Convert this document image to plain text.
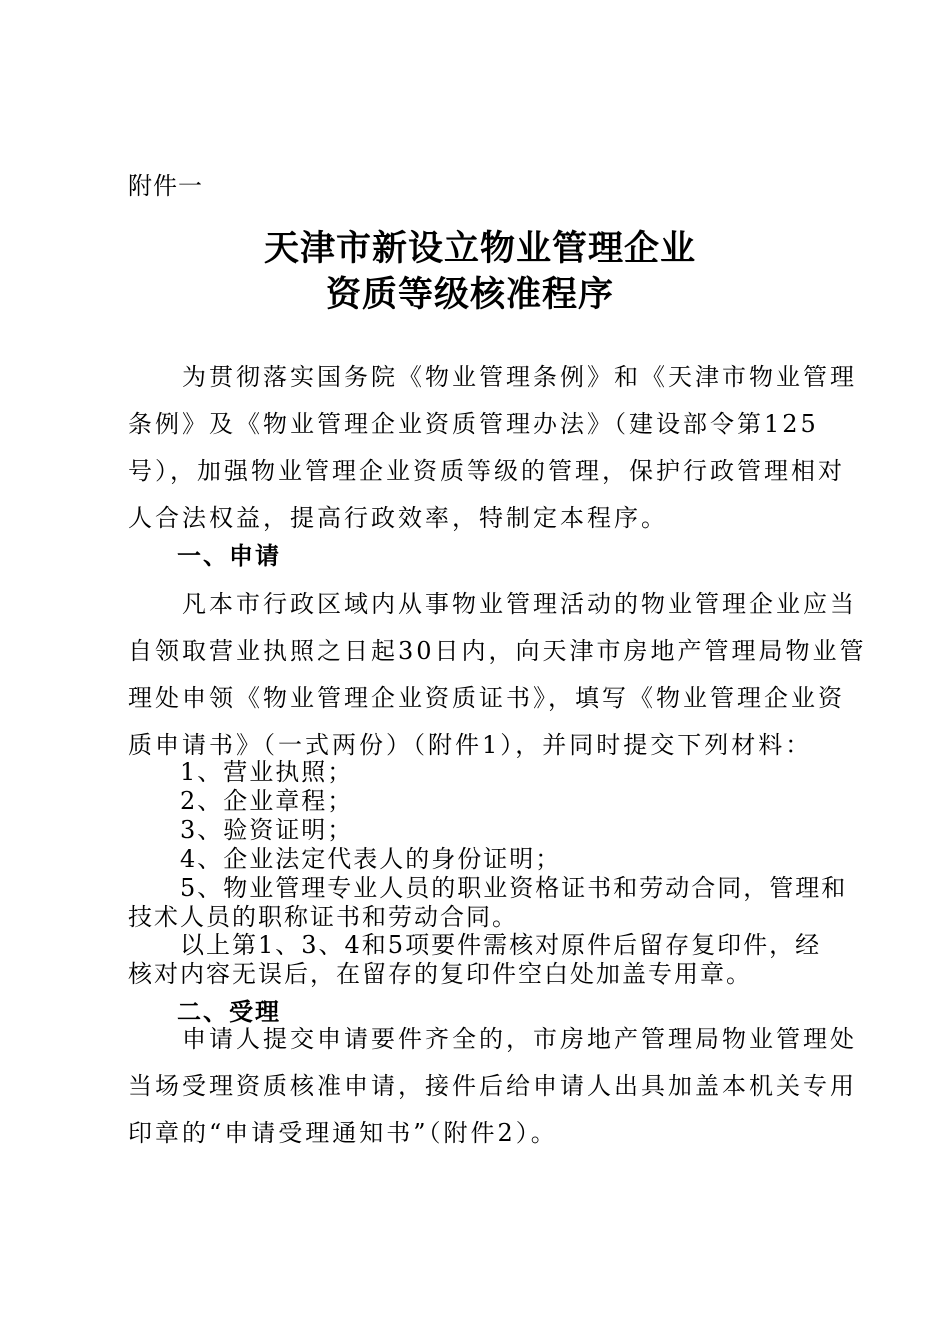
附件一
天津市新设立物业管理企业
资质等级核准程序
　　为贯彻落实国务院《物业管理条例》和《天津市物业管理
条例》及《物业管理企业资质管理办法》（建设部令第125
号），加强物业管理企业资质等级的管理，保护行政管理相对
人合法权益，提高行政效率，特制定本程序。
一、申请
　　凡本市行政区域内从事物业管理活动的物业管理企业应当
自领取营业执照之日起30日内，向天津市房地产管理局物业管
理处申领《物业管理企业资质证书》，填写《物业管理企业资
质申请书》（一式两份）（附件1），并同时提交下列材料：
　　1、营业执照；
　　2、企业章程；
　　3、验资证明；
　　4、企业法定代表人的身份证明；
　　5、物业管理专业人员的职业资格证书和劳动合同，管理和
技术人员的职称证书和劳动合同。
　　以上第1、3、4和5项要件需核对原件后留存复印件，经
核对内容无误后，在留存的复印件空白处加盖专用章。
二、受理
　　申请人提交申请要件齐全的，市房地产管理局物业管理处
当场受理资质核准申请，接件后给申请人出具加盖本机关专用
印章的“申请受理通知书”（附件2）。
